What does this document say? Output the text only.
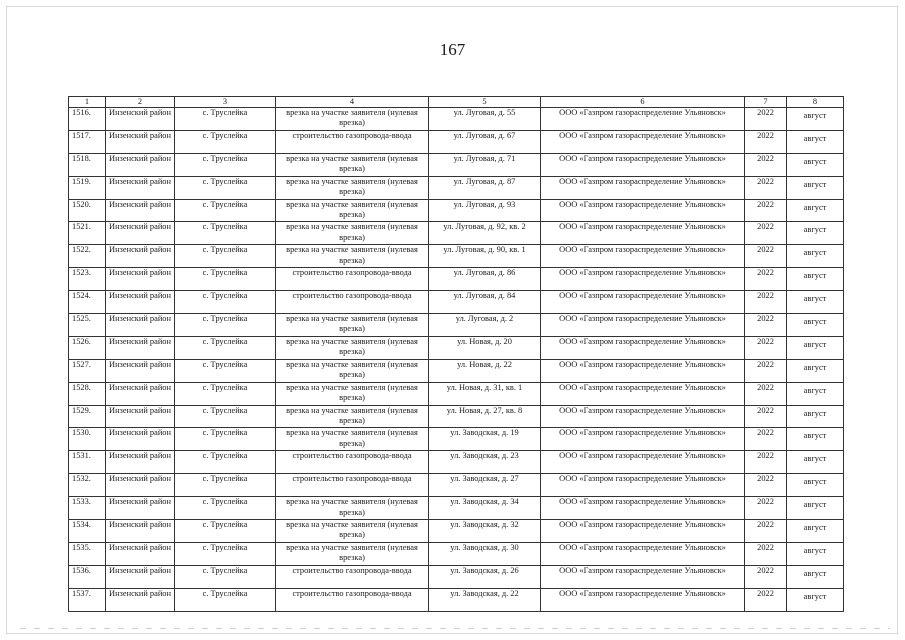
167
1	2	3	4	5	6	7	8
1516.	Инзенский район	с. Труслейка	врезка на участке заявителя (нулевая врезка)	ул. Луговая, д. 55	ООО «Газпром газораспределение Ульяновск»	2022	август
1517.	Инзенский район	с. Труслейка	строительство газопровода-ввода	ул. Луговая, д. 67	ООО «Газпром газораспределение Ульяновск»	2022	август
1518.	Инзенский район	с. Труслейка	врезка на участке заявителя (нулевая врезка)	ул. Луговая, д. 71	ООО «Газпром газораспределение Ульяновск»	2022	август
1519.	Инзенский район	с. Труслейка	врезка на участке заявителя (нулевая врезка)	ул. Луговая, д. 87	ООО «Газпром газораспределение Ульяновск»	2022	август
1520.	Инзенский район	с. Труслейка	врезка на участке заявителя (нулевая врезка)	ул. Луговая, д. 93	ООО «Газпром газораспределение Ульяновск»	2022	август
1521.	Инзенский район	с. Труслейка	врезка на участке заявителя (нулевая врезка)	ул. Луговая, д. 92, кв. 2	ООО «Газпром газораспределение Ульяновск»	2022	август
1522.	Инзенский район	с. Труслейка	врезка на участке заявителя (нулевая врезка)	ул. Луговая, д. 90, кв. 1	ООО «Газпром газораспределение Ульяновск»	2022	август
1523.	Инзенский район	с. Труслейка	строительство газопровода-ввода	ул. Луговая, д. 86	ООО «Газпром газораспределение Ульяновск»	2022	август
1524.	Инзенский район	с. Труслейка	строительство газопровода-ввода	ул. Луговая, д. 84	ООО «Газпром газораспределение Ульяновск»	2022	август
1525.	Инзенский район	с. Труслейка	врезка на участке заявителя (нулевая врезка)	ул. Луговая, д. 2	ООО «Газпром газораспределение Ульяновск»	2022	август
1526.	Инзенский район	с. Труслейка	врезка на участке заявителя (нулевая врезка)	ул. Новая, д. 20	ООО «Газпром газораспределение Ульяновск»	2022	август
1527.	Инзенский район	с. Труслейка	врезка на участке заявителя (нулевая врезка)	ул. Новая, д. 22	ООО «Газпром газораспределение Ульяновск»	2022	август
1528.	Инзенский район	с. Труслейка	врезка на участке заявителя (нулевая врезка)	ул. Новая, д. 31, кв. 1	ООО «Газпром газораспределение Ульяновск»	2022	август
1529.	Инзенский район	с. Труслейка	врезка на участке заявителя (нулевая врезка)	ул. Новая, д. 27, кв. 8	ООО «Газпром газораспределение Ульяновск»	2022	август
1530.	Инзенский район	с. Труслейка	врезка на участке заявителя (нулевая врезка)	ул. Заводская, д. 19	ООО «Газпром газораспределение Ульяновск»	2022	август
1531.	Инзенский район	с. Труслейка	строительство газопровода-ввода	ул. Заводская, д. 23	ООО «Газпром газораспределение Ульяновск»	2022	август
1532.	Инзенский район	с. Труслейка	строительство газопровода-ввода	ул. Заводская, д. 27	ООО «Газпром газораспределение Ульяновск»	2022	август
1533.	Инзенский район	с. Труслейка	врезка на участке заявителя (нулевая врезка)	ул. Заводская, д. 34	ООО «Газпром газораспределение Ульяновск»	2022	август
1534.	Инзенский район	с. Труслейка	врезка на участке заявителя (нулевая врезка)	ул. Заводская, д. 32	ООО «Газпром газораспределение Ульяновск»	2022	август
1535.	Инзенский район	с. Труслейка	врезка на участке заявителя (нулевая врезка)	ул. Заводская, д. 30	ООО «Газпром газораспределение Ульяновск»	2022	август
1536.	Инзенский район	с. Труслейка	строительство газопровода-ввода	ул. Заводская, д. 26	ООО «Газпром газораспределение Ульяновск»	2022	август
1537.	Инзенский район	с. Труслейка	строительство газопровода-ввода	ул. Заводская, д. 22	ООО «Газпром газораспределение Ульяновск»	2022	август
